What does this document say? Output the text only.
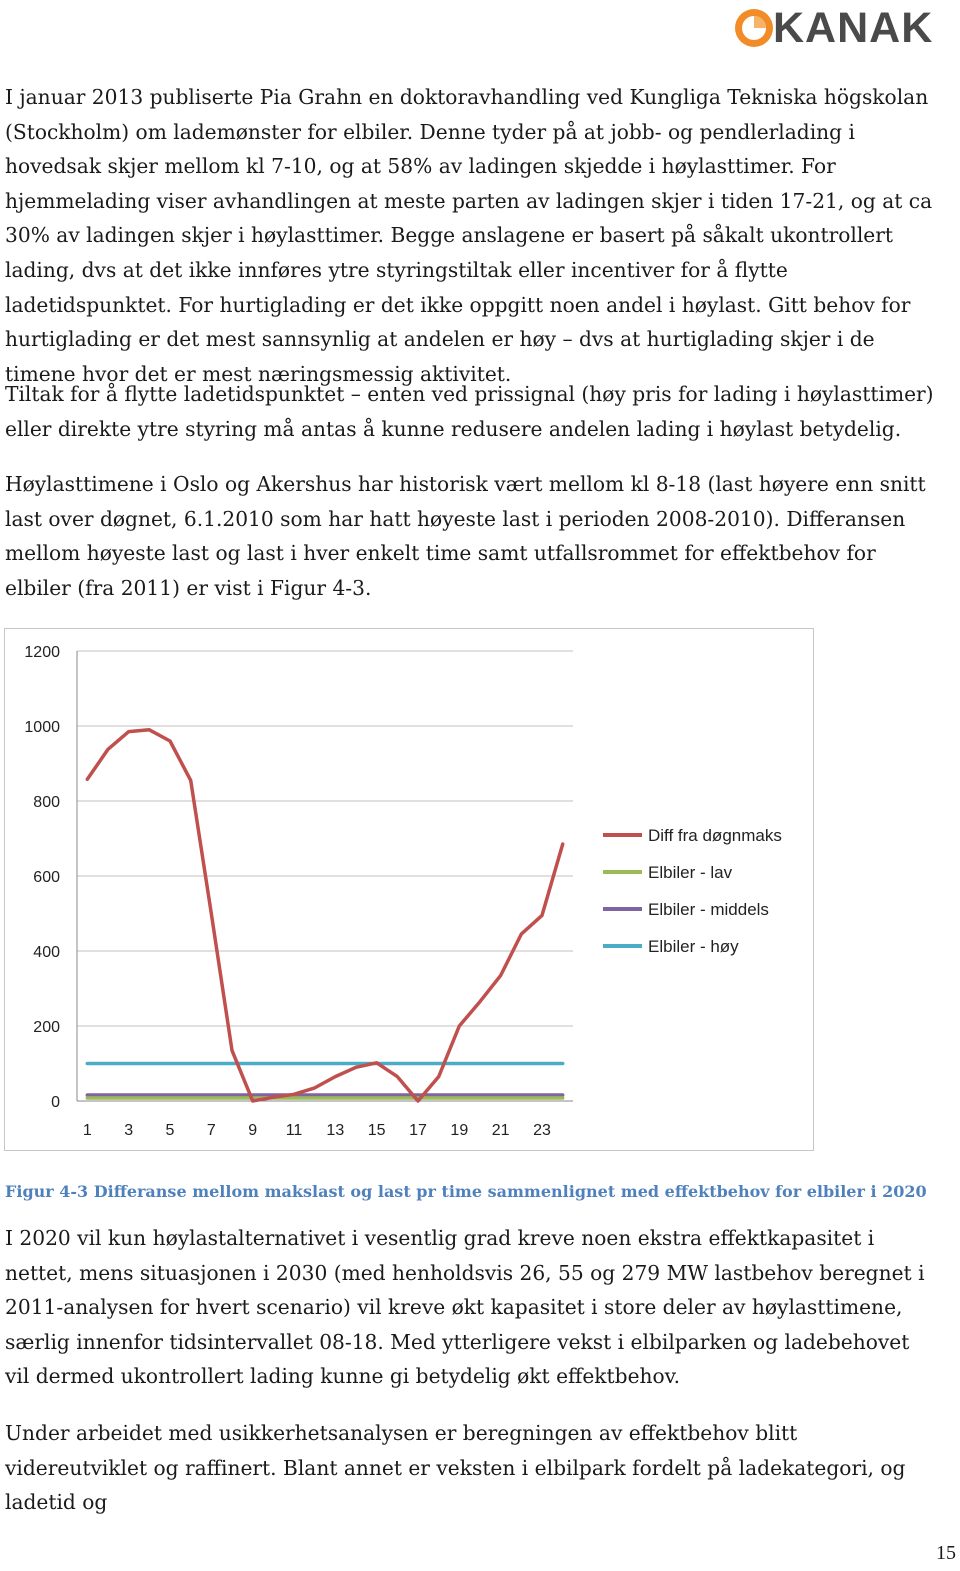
KANAK

I januar 2013 publiserte Pia Grahn en doktoravhandling ved Kungliga Tekniska högskolan (Stockholm) om lademønster for elbiler. Denne tyder på at jobb- og pendlerlading i hovedsak skjer mellom kl 7-10, og at 58% av ladingen skjedde i høylasttimer. For hjemmelading viser avhandlingen at meste parten av ladingen skjer i tiden 17-21, og at ca 30% av ladingen skjer i høylasttimer. Begge anslagene er basert på såkalt ukontrollert lading, dvs at det ikke innføres ytre styringstiltak eller incentiver for å flytte ladetidspunktet. For hurtiglading er det ikke oppgitt noen andel i høylast. Gitt behov for hurtiglading er det mest sannsynlig at andelen er høy – dvs at hurtiglading skjer i de timene hvor det er mest næringsmessig aktivitet.

Tiltak for å flytte ladetidspunktet – enten ved prissignal (høy pris for lading i høylasttimer) eller direkte ytre styring må antas å kunne redusere andelen lading i høylast betydelig.

Høylasttimene i Oslo og Akershus har historisk vært mellom kl 8-18 (last høyere enn snitt last over døgnet, 6.1.2010 som har hatt høyeste last i perioden 2008-2010). Differansen mellom høyeste last og last i hver enkelt time samt utfallsrommet for effektbehov for elbiler (fra 2011) er vist i Figur 4-3.

0
200
400
600
800
1000
1200
1 3 5 7 9 11 13 15 17 19 21 23
Diff fra døgnmaks
Elbiler - lav
Elbiler - middels
Elbiler - høy

Figur 4-3 Differanse mellom makslast og last pr time sammenlignet med effektbehov for elbiler i 2020

I 2020 vil kun høylastalternativet i vesentlig grad kreve noen ekstra effektkapasitet i nettet, mens situasjonen i 2030 (med henholdsvis 26, 55 og 279 MW lastbehov beregnet i 2011-analysen for hvert scenario) vil kreve økt kapasitet i store deler av høylasttimene, særlig innenfor tidsintervallet 08-18. Med ytterligere vekst i elbilparken og ladebehovet vil dermed ukontrollert lading kunne gi betydelig økt effektbehov.

Under arbeidet med usikkerhetsanalysen er beregningen av effektbehov blitt videreutviklet og raffinert. Blant annet er veksten i elbilpark fordelt på ladekategori, og ladetid og

15
